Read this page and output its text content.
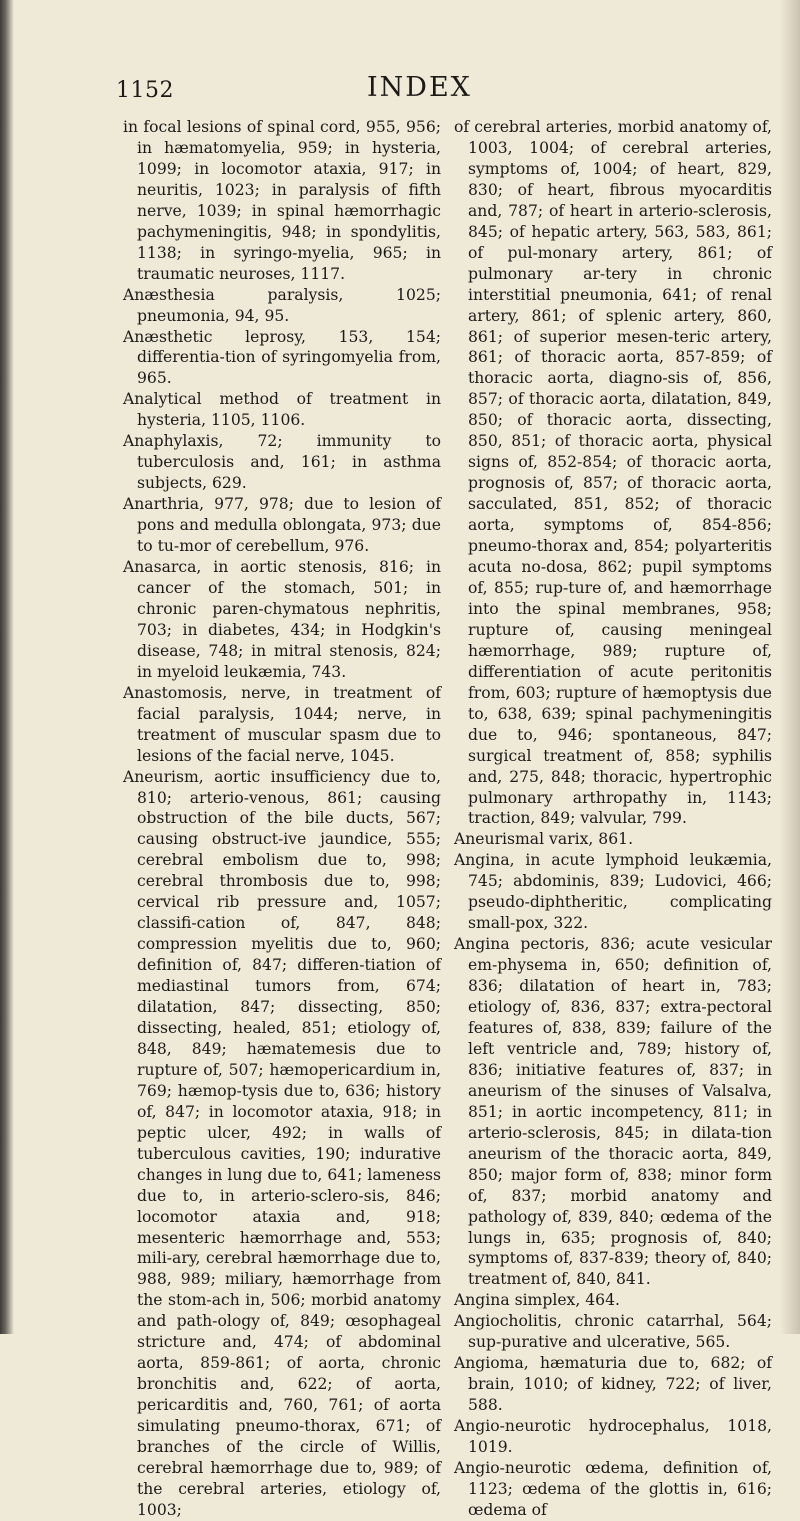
1152	INDEX

in focal lesions of spinal cord, 955, 956; in hæmatomyelia, 959; in hysteria, 1099; in locomotor ataxia, 917; in neuritis, 1023; in paralysis of fifth nerve, 1039; in spinal hæmorrhagic pachymeningitis, 948; in spondylitis, 1138; in syringo-myelia, 965; in traumatic neuroses, 1117.

Anæsthesia paralysis, 1025; pneumonia, 94, 95.

Anæsthetic leprosy, 153, 154; differentia-tion of syringomyelia from, 965.

Analytical method of treatment in hysteria, 1105, 1106.

Anaphylaxis, 72; immunity to tuberculosis and, 161; in asthma subjects, 629.

Anarthria, 977, 978; due to lesion of pons and medulla oblongata, 973; due to tu-mor of cerebellum, 976.

Anasarca, in aortic stenosis, 816; in cancer of the stomach, 501; in chronic paren-chymatous nephritis, 703; in diabetes, 434; in Hodgkin's disease, 748; in mitral stenosis, 824; in myeloid leukæmia, 743.

Anastomosis, nerve, in treatment of facial paralysis, 1044; nerve, in treatment of muscular spasm due to lesions of the facial nerve, 1045.

Aneurism, aortic insufficiency due to, 810; arterio-venous, 861; causing obstruction of the bile ducts, 567; causing obstruct-ive jaundice, 555; cerebral embolism due to, 998; cerebral thrombosis due to, 998; cervical rib pressure and, 1057; classifi-cation of, 847, 848; compression myelitis due to, 960; definition of, 847; differen-tiation of mediastinal tumors from, 674; dilatation, 847; dissecting, 850; dissecting, healed, 851; etiology of, 848, 849; hæmatemesis due to rupture of, 507; hæmopericardium in, 769; hæmop-tysis due to, 636; history of, 847; in locomotor ataxia, 918; in peptic ulcer, 492; in walls of tuberculous cavities, 190; indurative changes in lung due to, 641; lameness due to, in arterio-sclero-sis, 846; locomotor ataxia and, 918; mesenteric hæmorrhage and, 553; mili-ary, cerebral hæmorrhage due to, 988, 989; miliary, hæmorrhage from the stom-ach in, 506; morbid anatomy and path-ology of, 849; œsophageal stricture and, 474; of abdominal aorta, 859-861; of aorta, chronic bronchitis and, 622; of aorta, pericarditis and, 760, 761; of aorta simulating pneumo-thorax, 671; of branches of the circle of Willis, cerebral hæmorrhage due to, 989; of the cerebral arteries, etiology of, 1003;

of cerebral arteries, morbid anatomy of, 1003, 1004; of cerebral arteries, symptoms of, 1004; of heart, 829, 830; of heart, fibrous myocarditis and, 787; of heart in arterio-sclerosis, 845; of hepatic artery, 563, 583, 861; of pul-monary artery, 861; of pulmonary ar-tery in chronic interstitial pneumonia, 641; of renal artery, 861; of splenic artery, 860, 861; of superior mesen-teric artery, 861; of thoracic aorta, 857-859; of thoracic aorta, diagno-sis of, 856, 857; of thoracic aorta, dilatation, 849, 850; of thoracic aorta, dissecting, 850, 851; of thoracic aorta, physical signs of, 852-854; of thoracic aorta, prognosis of, 857; of thoracic aorta, sacculated, 851, 852; of thoracic aorta, symptoms of, 854-856; pneumo-thorax and, 854; polyarteritis acuta no-dosa, 862; pupil symptoms of, 855; rup-ture of, and hæmorrhage into the spinal membranes, 958; rupture of, causing meningeal hæmorrhage, 989; rupture of, differentiation of acute peritonitis from, 603; rupture of hæmoptysis due to, 638, 639; spinal pachymeningitis due to, 946; spontaneous, 847; surgical treatment of, 858; syphilis and, 275, 848; thoracic, hypertrophic pulmonary arthropathy in, 1143; traction, 849; valvular, 799.

Aneurismal varix, 861.

Angina, in acute lymphoid leukæmia, 745; abdominis, 839; Ludovici, 466; pseudo-diphtheritic, complicating small-pox, 322.

Angina pectoris, 836; acute vesicular em-physema in, 650; definition of, 836; dilatation of heart in, 783; etiology of, 836, 837; extra-pectoral features of, 838, 839; failure of the left ventricle and, 789; history of, 836; initiative features of, 837; in aneurism of the sinuses of Valsalva, 851; in aortic incompetency, 811; in arterio-sclerosis, 845; in dilata-tion aneurism of the thoracic aorta, 849, 850; major form of, 838; minor form of, 837; morbid anatomy and pathology of, 839, 840; œdema of the lungs in, 635; prognosis of, 840; symptoms of, 837-839; theory of, 840; treatment of, 840, 841.

Angina simplex, 464.

Angiocholitis, chronic catarrhal, 564; sup-purative and ulcerative, 565.

Angioma, hæmaturia due to, 682; of brain, 1010; of kidney, 722; of liver, 588.

Angio-neurotic hydrocephalus, 1018, 1019.

Angio-neurotic œdema, definition of, 1123; œdema of the glottis in, 616; œdema of
